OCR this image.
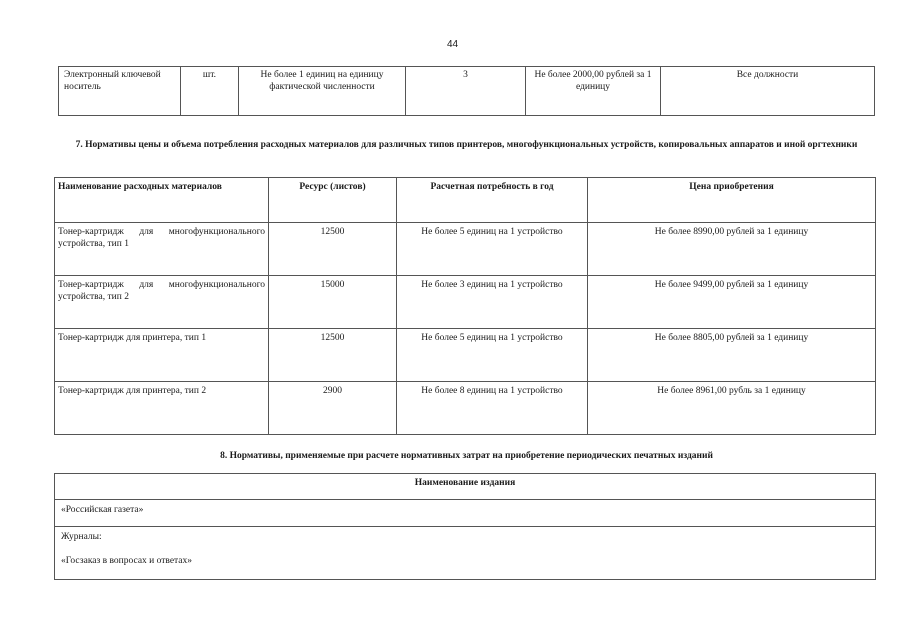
44
Электронный ключевой носитель	шт.	Не более 1 единиц на единицу фактической численности	3	Не более 2000,00 рублей за 1 единицу	Все должности
7. Нормативы цены и объема потребления расходных материалов для различных типов принтеров, многофункциональных устройств, копировальных аппаратов и иной оргтехники
Наименование расходных материалов	Ресурс (листов)	Расчетная потребность в год	Цена приобретения
Тонер-картридж для многофункционального устройства, тип 1	12500	Не более 5 единиц на 1 устройство	Не более 8990,00 рублей за 1 единицу
Тонер-картридж для многофункционального устройства, тип 2	15000	Не более 3 единиц на 1 устройство	Не более 9499,00 рублей за 1 единицу
Тонер-картридж для принтера, тип 1	12500	Не более 5 единиц на 1 устройство	Не более 8805,00 рублей за 1 единицу
Тонер-картридж для принтера, тип 2	2900	Не более 8 единиц на 1 устройство	Не более 8961,00 рубль за 1 единицу
8. Нормативы, применяемые при расчете нормативных затрат на приобретение периодических печатных изданий
Наименование издания
«Российская газета»

Журналы:
«Госзаказ в вопросах и ответах»
